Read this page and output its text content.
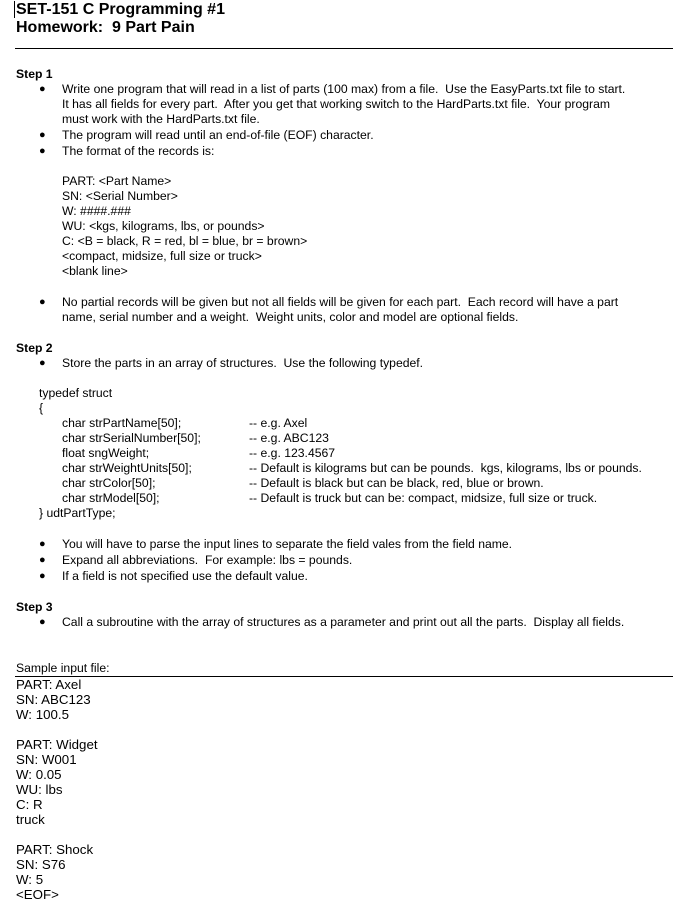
SET-151 C Programming #1
Homework:  9 Part Pain
Step 1
● Write one program that will read in a list of parts (100 max) from a file.  Use the EasyParts.txt file to start.
It has all fields for every part.  After you get that working switch to the HardParts.txt file.  Your program
must work with the HardParts.txt file.
● The program will read until an end-of-file (EOF) character.
● The format of the records is:
PART: <Part Name>
SN: <Serial Number>
W: ####.###
WU: <kgs, kilograms, lbs, or pounds>
C: <B = black, R = red, bl = blue, br = brown>
<compact, midsize, full size or truck>
<blank line>
● No partial records will be given but not all fields will be given for each part.  Each record will have a part
name, serial number and a weight.  Weight units, color and model are optional fields.
Step 2
● Store the parts in an array of structures.  Use the following typedef.
typedef struct
{
char strPartName[50];	-- e.g. Axel
char strSerialNumber[50];	-- e.g. ABC123
float sngWeight;	-- e.g. 123.4567
char strWeightUnits[50];	-- Default is kilograms but can be pounds.  kgs, kilograms, lbs or pounds.
char strColor[50];	-- Default is black but can be black, red, blue or brown.
char strModel[50];	-- Default is truck but can be: compact, midsize, full size or truck.
} udtPartType;
● You will have to parse the input lines to separate the field vales from the field name.
● Expand all abbreviations.  For example: lbs = pounds.
● If a field is not specified use the default value.
Step 3
● Call a subroutine with the array of structures as a parameter and print out all the parts.  Display all fields.
Sample input file:
PART: Axel
SN: ABC123
W: 100.5
PART: Widget
SN: W001
W: 0.05
WU: lbs
C: R
truck
PART: Shock
SN: S76
W: 5
<EOF>
